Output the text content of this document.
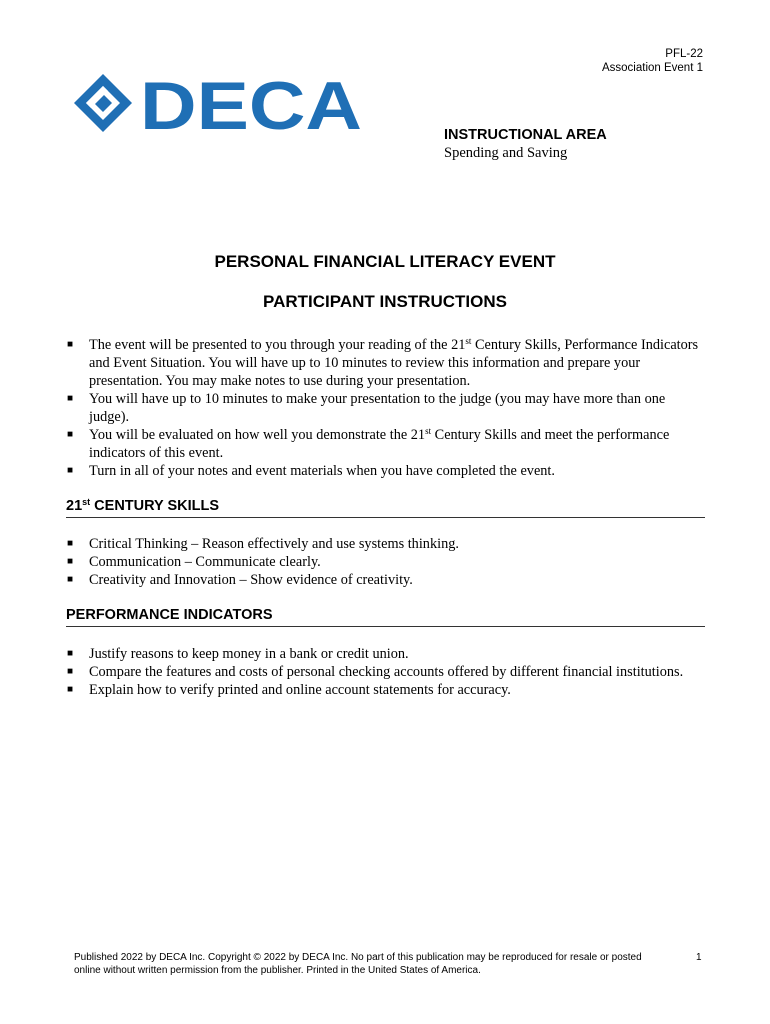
PFL-22
Association Event 1
DECA	INSTRUCTIONAL AREA
Spending and Saving
PERSONAL FINANCIAL LITERACY EVENT
PARTICIPANT INSTRUCTIONS
■ The event will be presented to you through your reading of the 21st Century Skills, Performance Indicators and Event Situation. You will have up to 10 minutes to review this information and prepare your presentation. You may make notes to use during your presentation.
■ You will have up to 10 minutes to make your presentation to the judge (you may have more than one judge).
■ You will be evaluated on how well you demonstrate the 21st Century Skills and meet the performance indicators of this event.
■ Turn in all of your notes and event materials when you have completed the event.
21st CENTURY SKILLS
■ Critical Thinking – Reason effectively and use systems thinking.
■ Communication – Communicate clearly.
■ Creativity and Innovation – Show evidence of creativity.
PERFORMANCE INDICATORS
■ Justify reasons to keep money in a bank or credit union.
■ Compare the features and costs of personal checking accounts offered by different financial institutions.
■ Explain how to verify printed and online account statements for accuracy.
Published 2022 by DECA Inc. Copyright © 2022 by DECA Inc. No part of this publication may be reproduced for resale or posted online without written permission from the publisher. Printed in the United States of America.
1
